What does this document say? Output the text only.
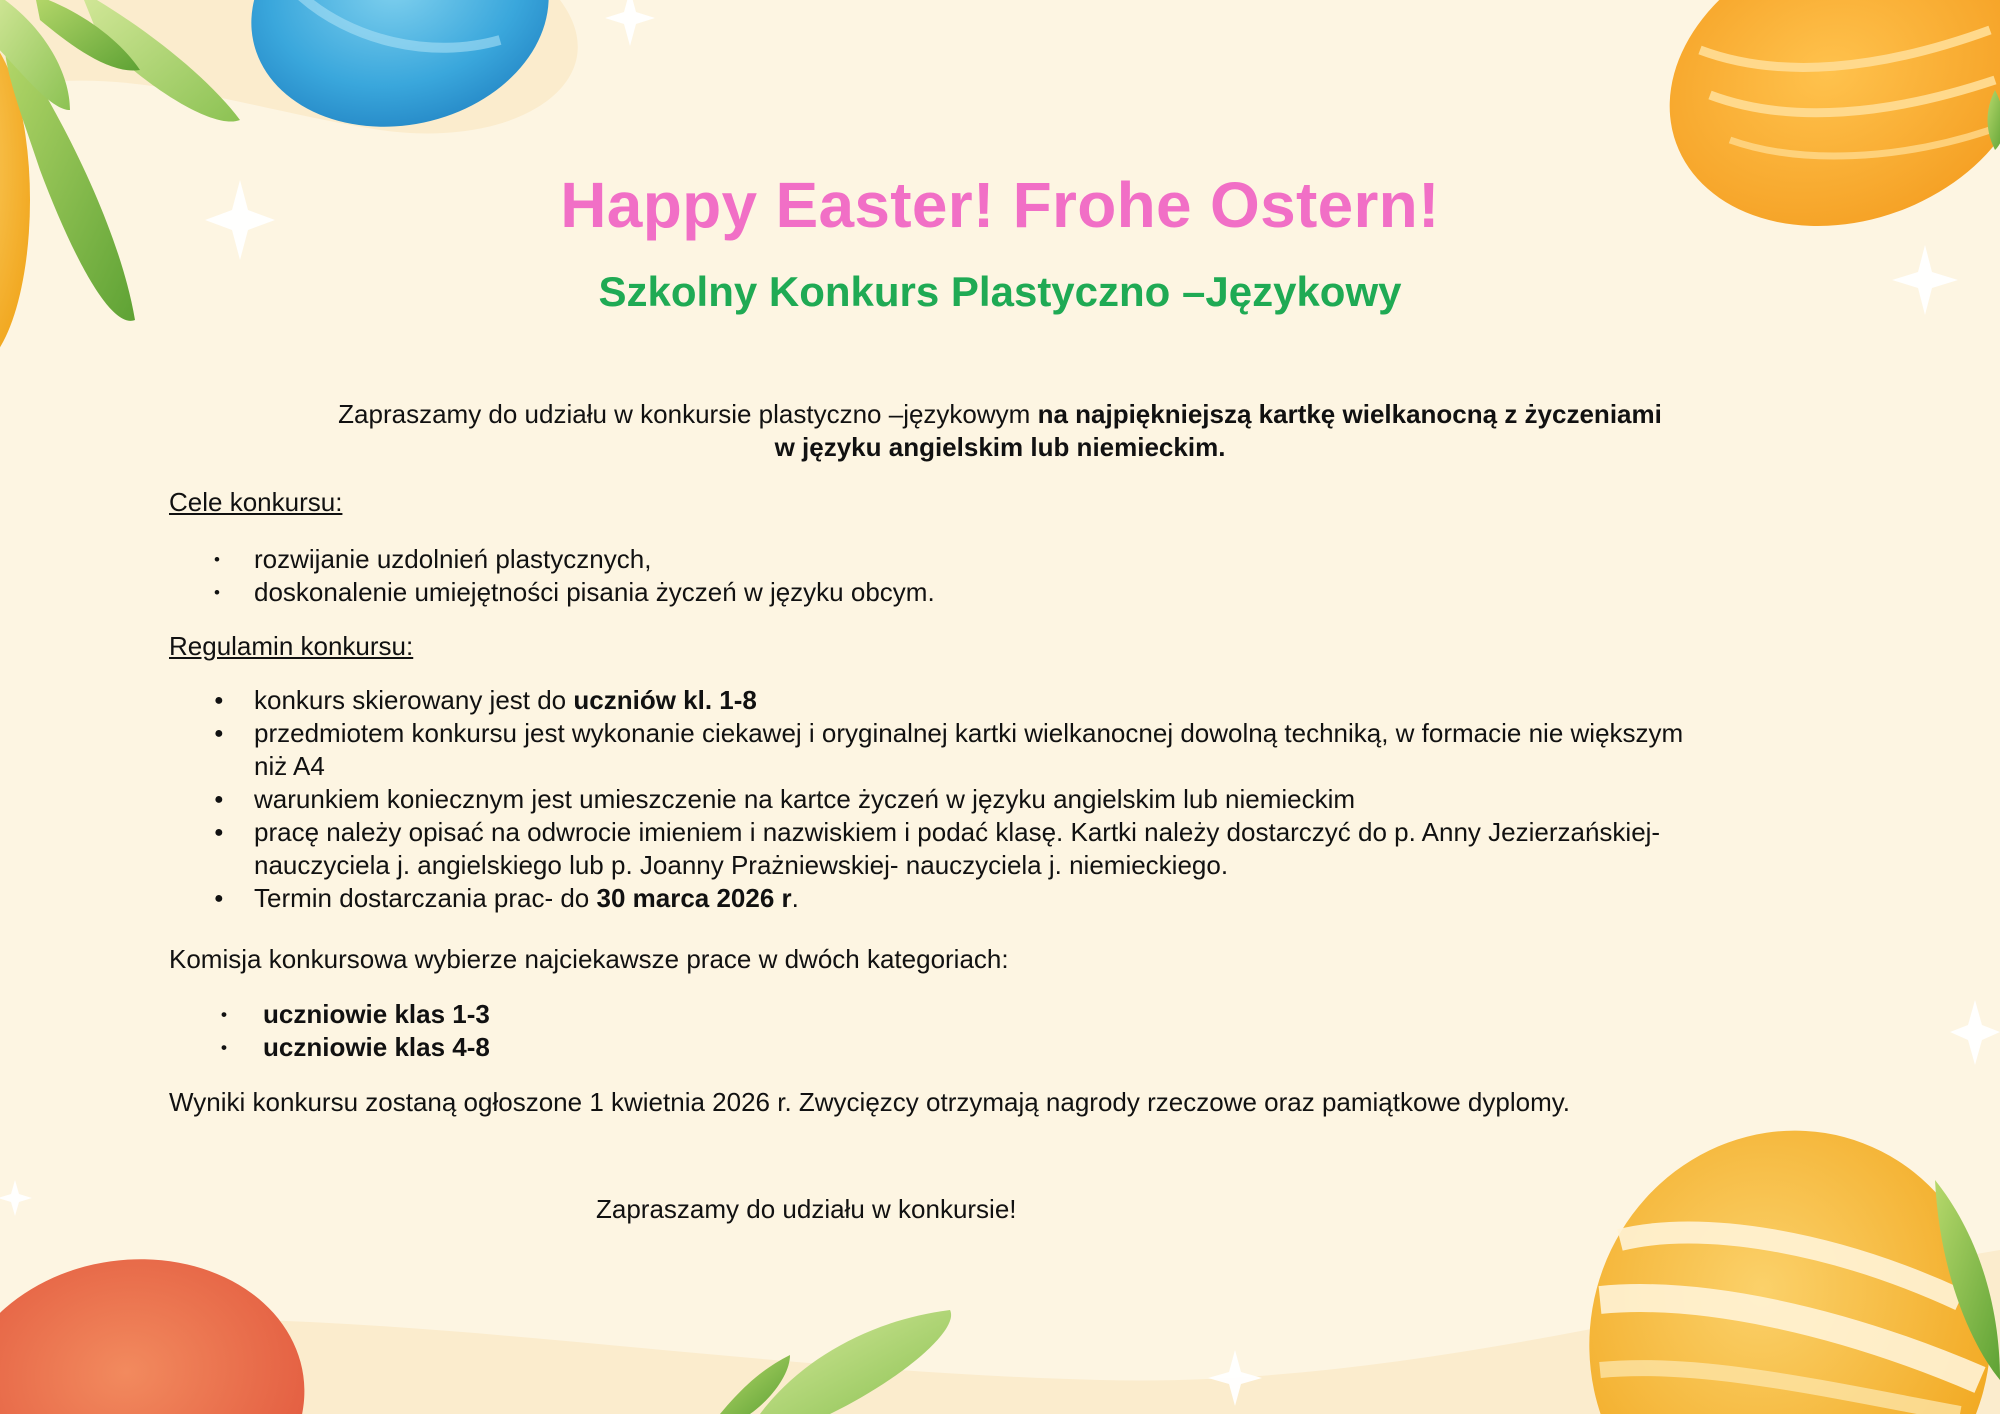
Happy Easter! Frohe Ostern!
Szkolny Konkurs Plastyczno –Językowy

Zapraszamy do udziału w konkursie plastyczno –językowym na najpiękniejszą kartkę wielkanocną z życzeniami
w języku angielskim lub niemieckim.

Cele konkursu:

• rozwijanie uzdolnień plastycznych,
• doskonalenie umiejętności pisania życzeń w języku obcym.

Regulamin konkursu:

● konkurs skierowany jest do uczniów kl. 1-8
● przedmiotem konkursu jest wykonanie ciekawej i oryginalnej kartki wielkanocnej dowolną techniką, w formacie nie większym
niż A4
● warunkiem koniecznym jest umieszczenie na kartce życzeń w języku angielskim lub niemieckim
● pracę należy opisać na odwrocie imieniem i nazwiskiem i podać klasę. Kartki należy dostarczyć do p. Anny Jezierzańskiej-
nauczyciela j. angielskiego lub p. Joanny Prażniewskiej- nauczyciela j. niemieckiego.
● Termin dostarczania prac- do 30 marca 2026 r.

Komisja konkursowa wybierze najciekawsze prace w dwóch kategoriach:

• uczniowie klas 1-3
• uczniowie klas 4-8

Wyniki konkursu zostaną ogłoszone 1 kwietnia 2026 r. Zwycięzcy otrzymają nagrody rzeczowe oraz pamiątkowe dyplomy.

Zapraszamy do udziału w konkursie!
